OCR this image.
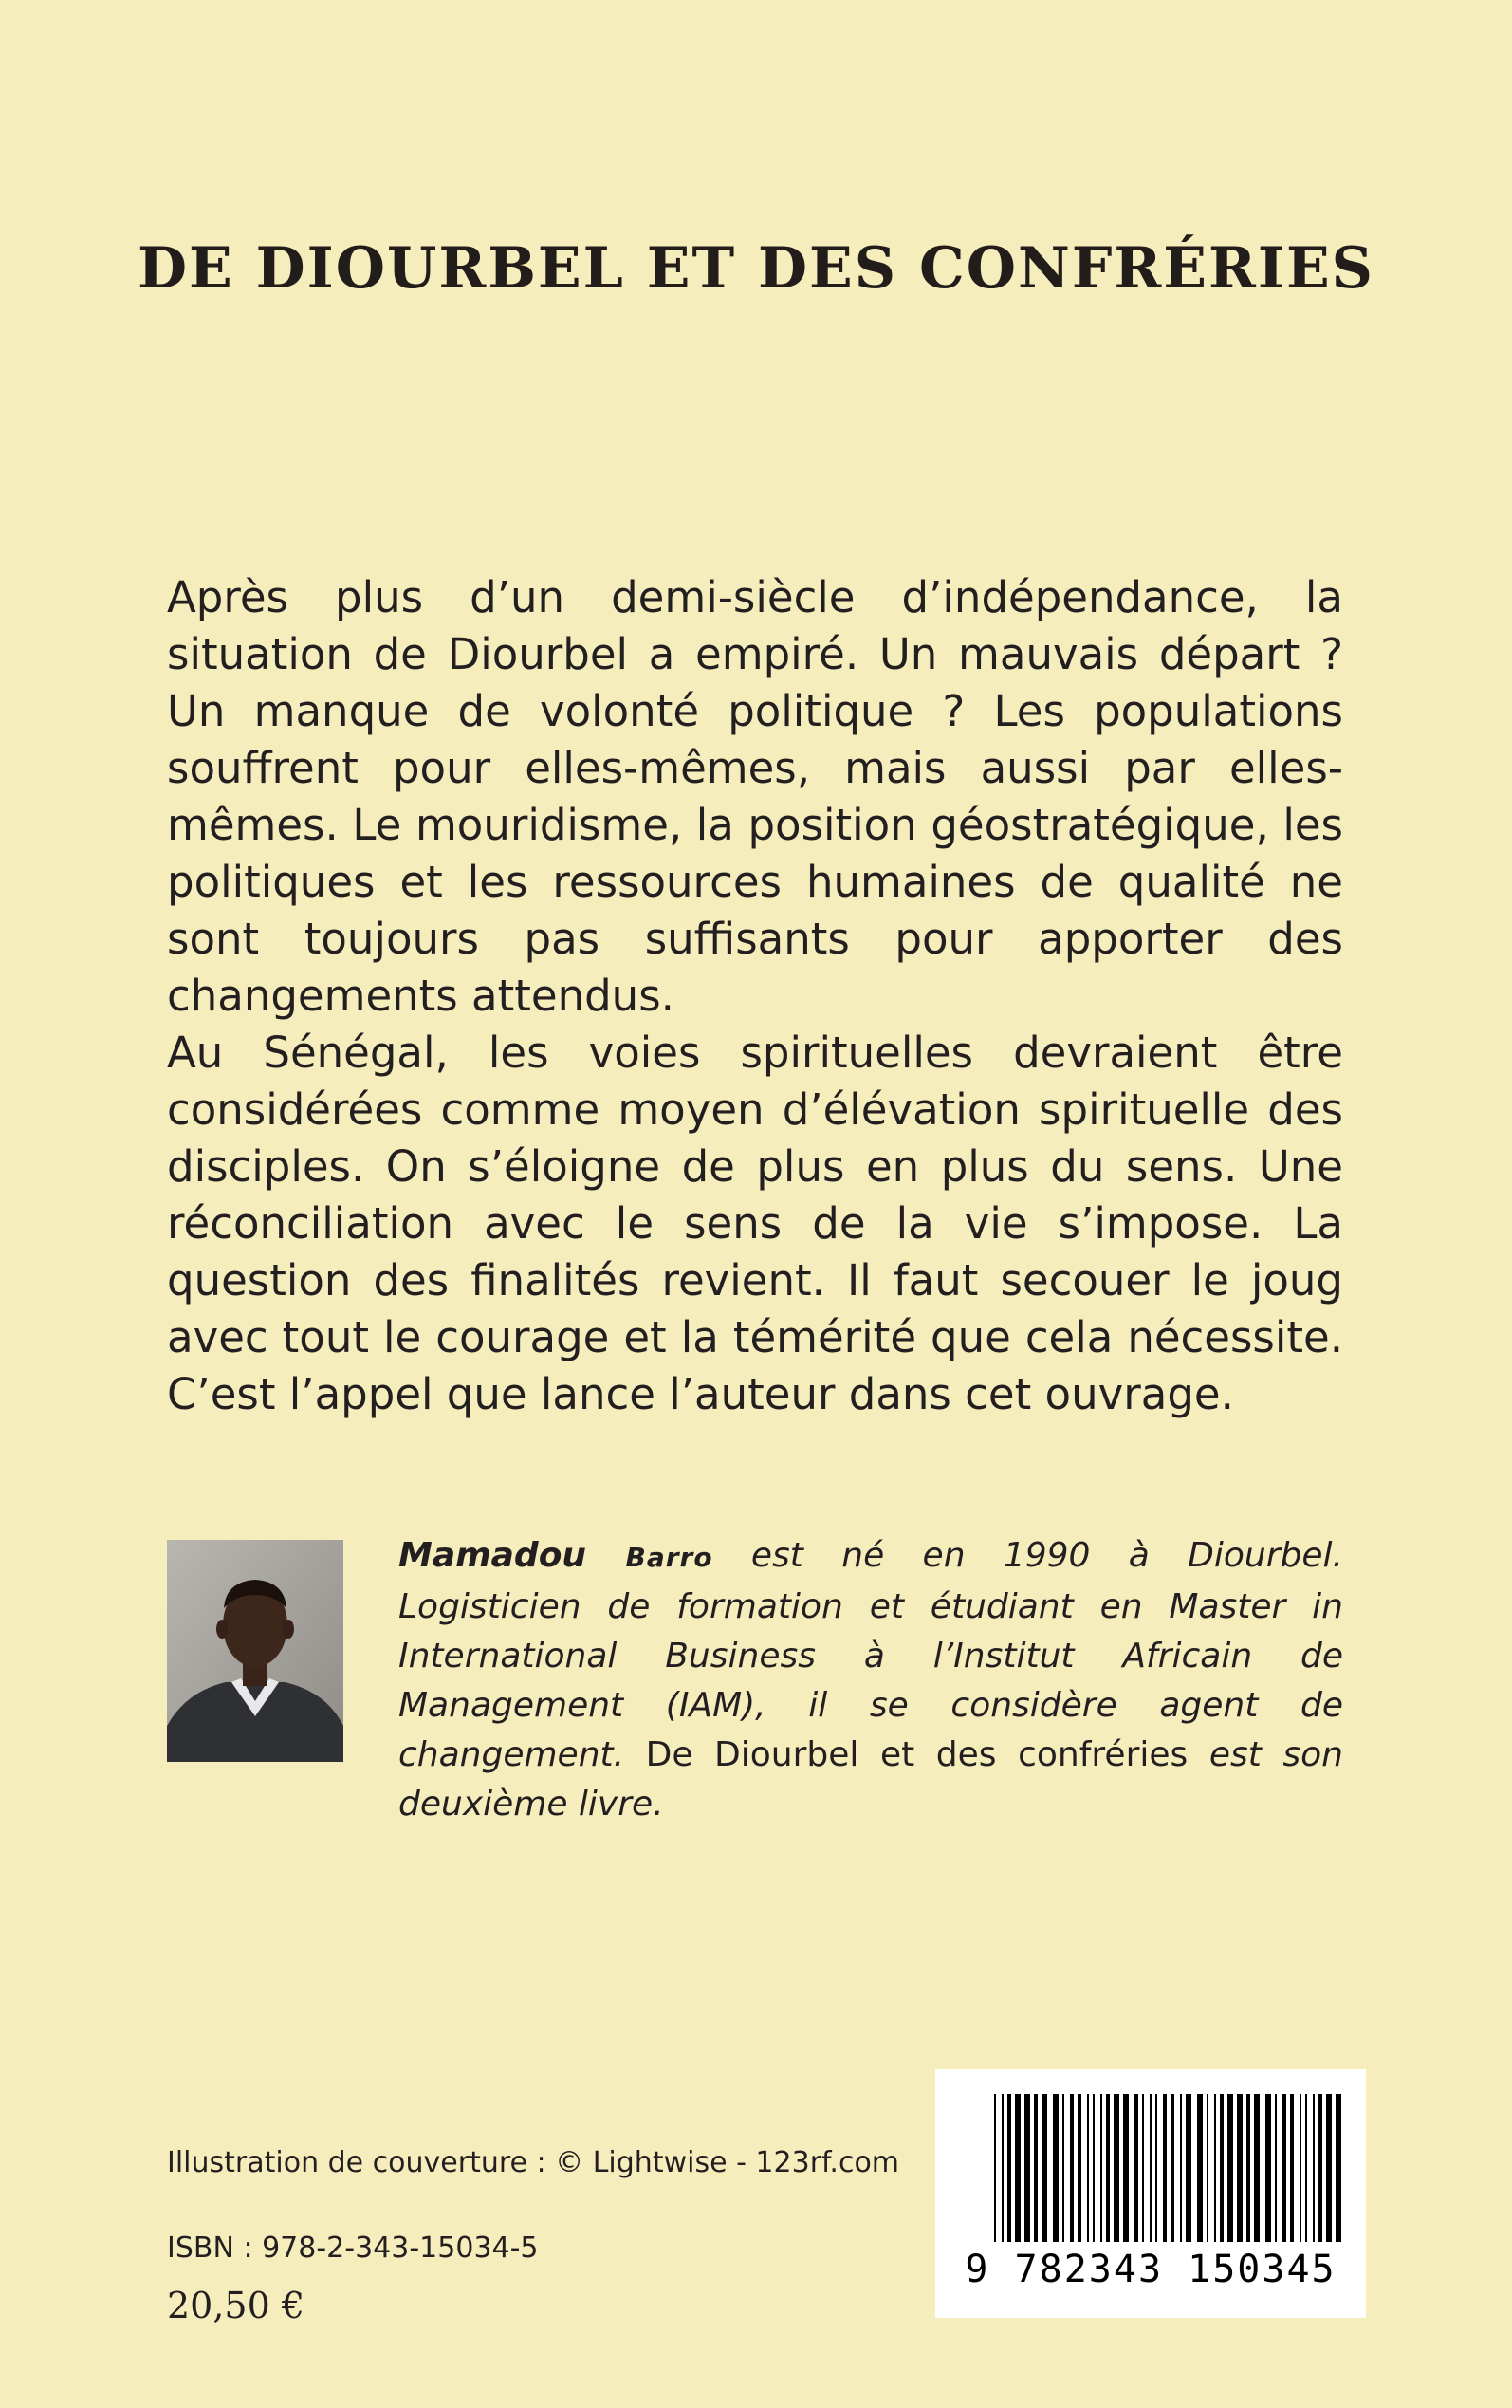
DE DIOURBEL ET DES CONFRÉRIES

Après plus d’un demi-siècle d’indépendance, la situation de Diourbel a empiré. Un mauvais départ ? Un manque de volonté politique ? Les populations souffrent pour elles-mêmes, mais aussi par elles-mêmes. Le mouridisme, la position géostratégique, les politiques et les ressources humaines de qualité ne sont toujours pas suffisants pour apporter des changements attendus.

Au Sénégal, les voies spirituelles devraient être considérées comme moyen d’élévation spirituelle des disciples. On s’éloigne de plus en plus du sens. Une réconciliation avec le sens de la vie s’impose. La question des finalités revient. Il faut secouer le joug avec tout le courage et la témérité que cela nécessite. C’est l’appel que lance l’auteur dans cet ouvrage.

Mamadou Barro est né en 1990 à Diourbel. Logisticien de formation et étudiant en Master in International Business à l’Institut Africain de Management (IAM), il se considère agent de changement. De Diourbel et des confréries est son deuxième livre.

Illustration de couverture : © Lightwise - 123rf.com

ISBN : 978-2-343-15034-5

20,50 €

9 782343 150345
